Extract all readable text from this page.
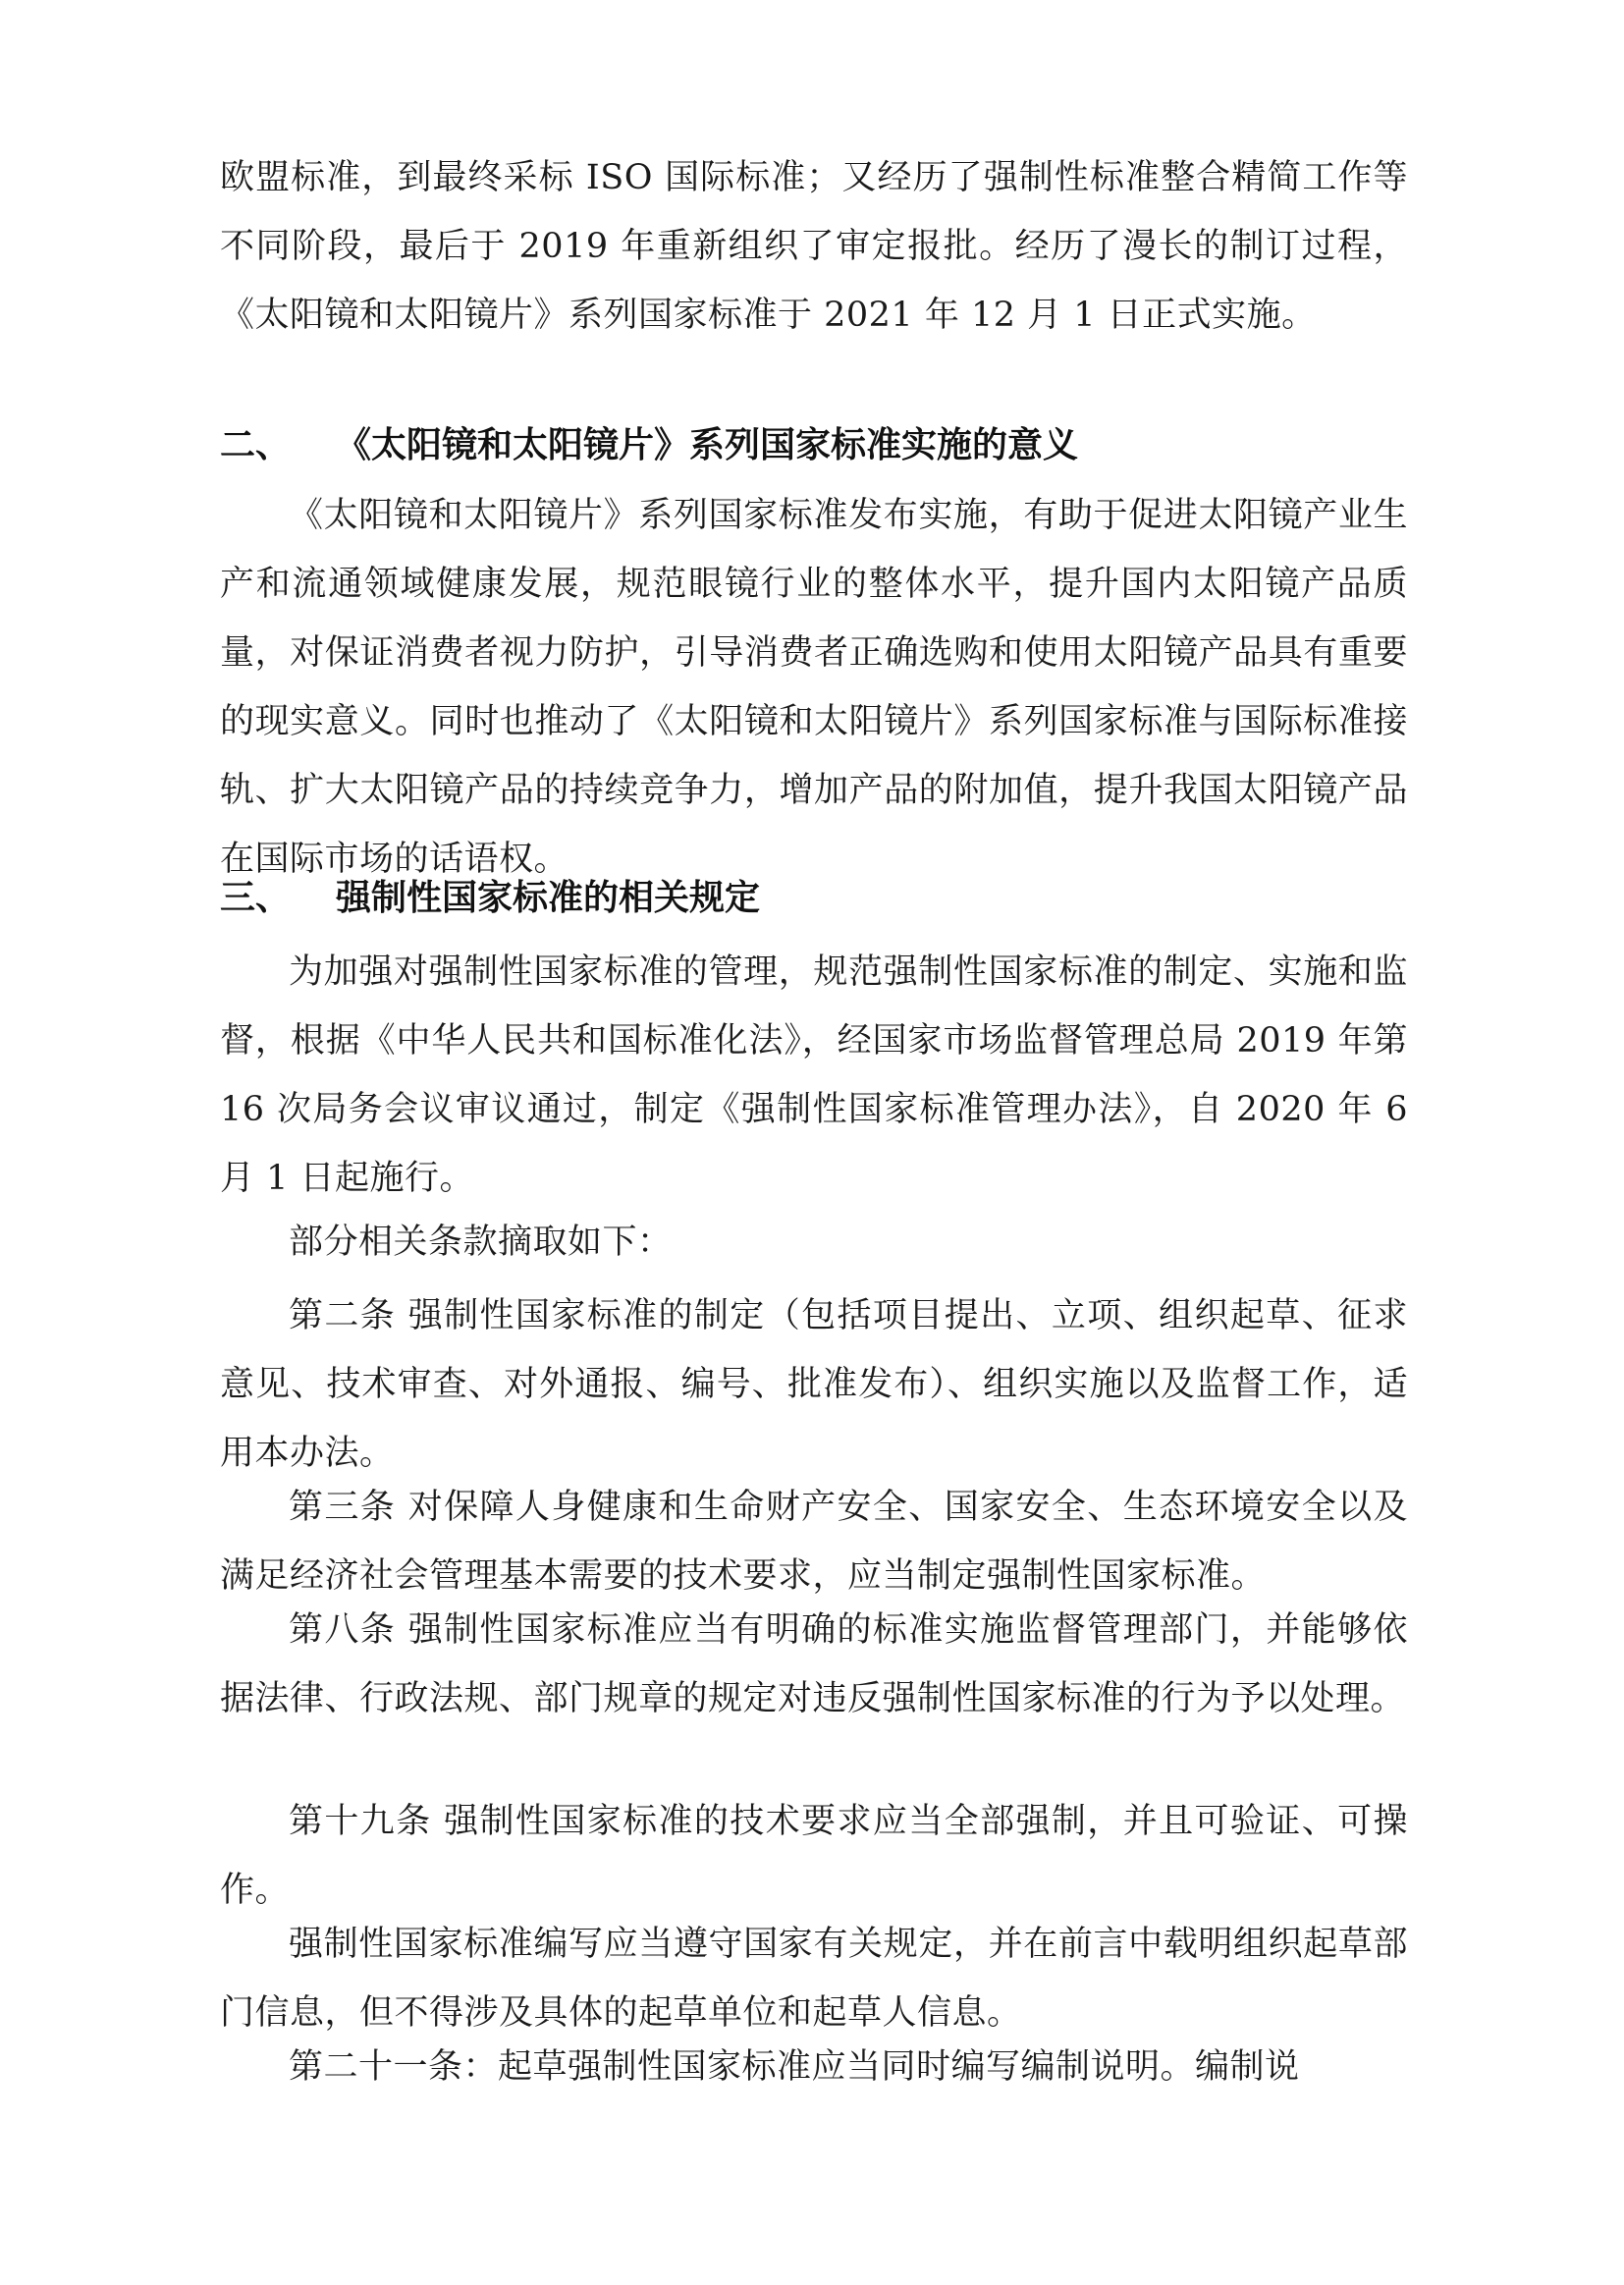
欧盟标准，到最终采标 ISO 国际标准；又经历了强制性标准整合精简工作等不同阶段，最后于 2019 年重新组织了审定报批。经历了漫长的制订过程，《太阳镜和太阳镜片》系列国家标准于 2021 年 12 月 1 日正式实施。

二、 《太阳镜和太阳镜片》系列国家标准实施的意义

《太阳镜和太阳镜片》系列国家标准发布实施，有助于促进太阳镜产业生产和流通领域健康发展，规范眼镜行业的整体水平，提升国内太阳镜产品质量，对保证消费者视力防护，引导消费者正确选购和使用太阳镜产品具有重要的现实意义。同时也推动了《太阳镜和太阳镜片》系列国家标准与国际标准接轨、扩大太阳镜产品的持续竞争力，增加产品的附加值，提升我国太阳镜产品在国际市场的话语权。

三、 强制性国家标准的相关规定

为加强对强制性国家标准的管理，规范强制性国家标准的制定、实施和监督，根据《中华人民共和国标准化法》，经国家市场监督管理总局 2019 年第 16 次局务会议审议通过，制定《强制性国家标准管理办法》，自 2020 年 6 月 1 日起施行。

部分相关条款摘取如下：

第二条 强制性国家标准的制定（包括项目提出、立项、组织起草、征求意见、技术审查、对外通报、编号、批准发布）、组织实施以及监督工作，适用本办法。

第三条 对保障人身健康和生命财产安全、国家安全、生态环境安全以及满足经济社会管理基本需要的技术要求，应当制定强制性国家标准。

第八条 强制性国家标准应当有明确的标准实施监督管理部门，并能够依据法律、行政法规、部门规章的规定对违反强制性国家标准的行为予以处理。

第十九条 强制性国家标准的技术要求应当全部强制，并且可验证、可操作。

强制性国家标准编写应当遵守国家有关规定，并在前言中载明组织起草部门信息，但不得涉及具体的起草单位和起草人信息。

第二十一条：起草强制性国家标准应当同时编写编制说明。编制说
